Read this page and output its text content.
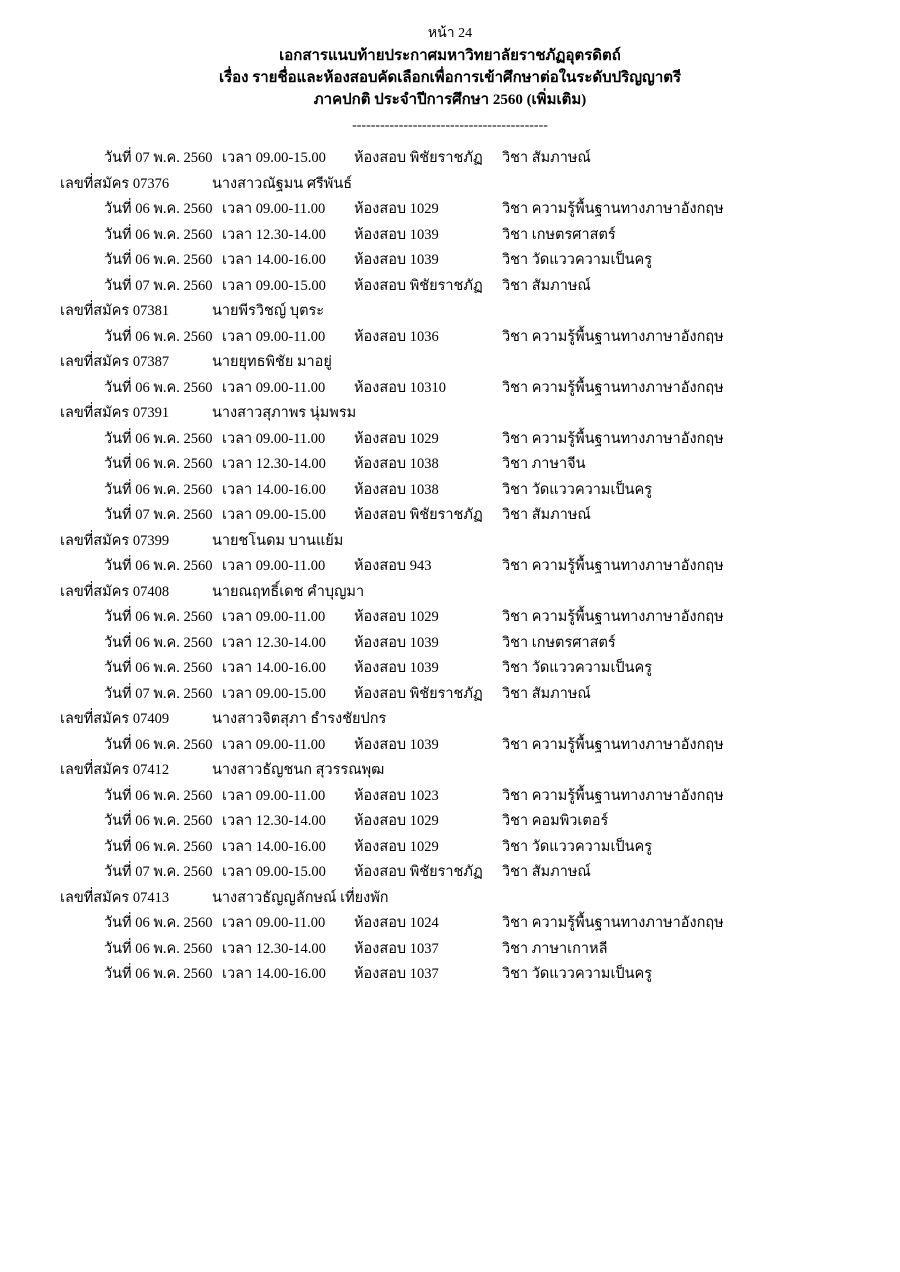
หน้า 24
เอกสารแนบท้ายประกาศมหาวิทยาลัยราชภัฏอุตรดิตถ์
เรื่อง รายชื่อและห้องสอบคัดเลือกเพื่อการเข้าศึกษาต่อในระดับปริญญาตรี
ภาคปกติ ประจำปีการศึกษา 2560 (เพิ่มเติม)
------------------------------------------
วันที่ 07 พ.ค. 2560 เวลา 09.00-15.00	ห้องสอบ พิชัยราชภัฏ	วิชา สัมภาษณ์
เลขที่สมัคร 07376	นางสาวณัฐมน ศรีพันธ์
วันที่ 06 พ.ค. 2560 เวลา 09.00-11.00	ห้องสอบ 1029	วิชา ความรู้พื้นฐานทางภาษาอังกฤษ
วันที่ 06 พ.ค. 2560 เวลา 12.30-14.00	ห้องสอบ 1039	วิชา เกษตรศาสตร์
วันที่ 06 พ.ค. 2560 เวลา 14.00-16.00	ห้องสอบ 1039	วิชา วัดแววความเป็นครู
วันที่ 07 พ.ค. 2560 เวลา 09.00-15.00	ห้องสอบ พิชัยราชภัฏ	วิชา สัมภาษณ์
เลขที่สมัคร 07381	นายพีรวิชญ์ บุตระ
วันที่ 06 พ.ค. 2560 เวลา 09.00-11.00	ห้องสอบ 1036	วิชา ความรู้พื้นฐานทางภาษาอังกฤษ
เลขที่สมัคร 07387	นายยุทธพิชัย มาอยู่
วันที่ 06 พ.ค. 2560 เวลา 09.00-11.00	ห้องสอบ 10310	วิชา ความรู้พื้นฐานทางภาษาอังกฤษ
เลขที่สมัคร 07391	นางสาวสุภาพร นุ่มพรม
วันที่ 06 พ.ค. 2560 เวลา 09.00-11.00	ห้องสอบ 1029	วิชา ความรู้พื้นฐานทางภาษาอังกฤษ
วันที่ 06 พ.ค. 2560 เวลา 12.30-14.00	ห้องสอบ 1038	วิชา ภาษาจีน
วันที่ 06 พ.ค. 2560 เวลา 14.00-16.00	ห้องสอบ 1038	วิชา วัดแววความเป็นครู
วันที่ 07 พ.ค. 2560 เวลา 09.00-15.00	ห้องสอบ พิชัยราชภัฏ	วิชา สัมภาษณ์
เลขที่สมัคร 07399	นายชโนดม บานแย้ม
วันที่ 06 พ.ค. 2560 เวลา 09.00-11.00	ห้องสอบ 943	วิชา ความรู้พื้นฐานทางภาษาอังกฤษ
เลขที่สมัคร 07408	นายณฤทธิ์เดช คำบุญมา
วันที่ 06 พ.ค. 2560 เวลา 09.00-11.00	ห้องสอบ 1029	วิชา ความรู้พื้นฐานทางภาษาอังกฤษ
วันที่ 06 พ.ค. 2560 เวลา 12.30-14.00	ห้องสอบ 1039	วิชา เกษตรศาสตร์
วันที่ 06 พ.ค. 2560 เวลา 14.00-16.00	ห้องสอบ 1039	วิชา วัดแววความเป็นครู
วันที่ 07 พ.ค. 2560 เวลา 09.00-15.00	ห้องสอบ พิชัยราชภัฏ	วิชา สัมภาษณ์
เลขที่สมัคร 07409	นางสาวจิตสุภา ธำรงชัยปกร
วันที่ 06 พ.ค. 2560 เวลา 09.00-11.00	ห้องสอบ 1039	วิชา ความรู้พื้นฐานทางภาษาอังกฤษ
เลขที่สมัคร 07412	นางสาวธัญชนก สุวรรณพุฒ
วันที่ 06 พ.ค. 2560 เวลา 09.00-11.00	ห้องสอบ 1023	วิชา ความรู้พื้นฐานทางภาษาอังกฤษ
วันที่ 06 พ.ค. 2560 เวลา 12.30-14.00	ห้องสอบ 1029	วิชา คอมพิวเตอร์
วันที่ 06 พ.ค. 2560 เวลา 14.00-16.00	ห้องสอบ 1029	วิชา วัดแววความเป็นครู
วันที่ 07 พ.ค. 2560 เวลา 09.00-15.00	ห้องสอบ พิชัยราชภัฏ	วิชา สัมภาษณ์
เลขที่สมัคร 07413	นางสาวธัญญลักษณ์ เที่ยงพัก
วันที่ 06 พ.ค. 2560 เวลา 09.00-11.00	ห้องสอบ 1024	วิชา ความรู้พื้นฐานทางภาษาอังกฤษ
วันที่ 06 พ.ค. 2560 เวลา 12.30-14.00	ห้องสอบ 1037	วิชา ภาษาเกาหลี
วันที่ 06 พ.ค. 2560 เวลา 14.00-16.00	ห้องสอบ 1037	วิชา วัดแววความเป็นครู
